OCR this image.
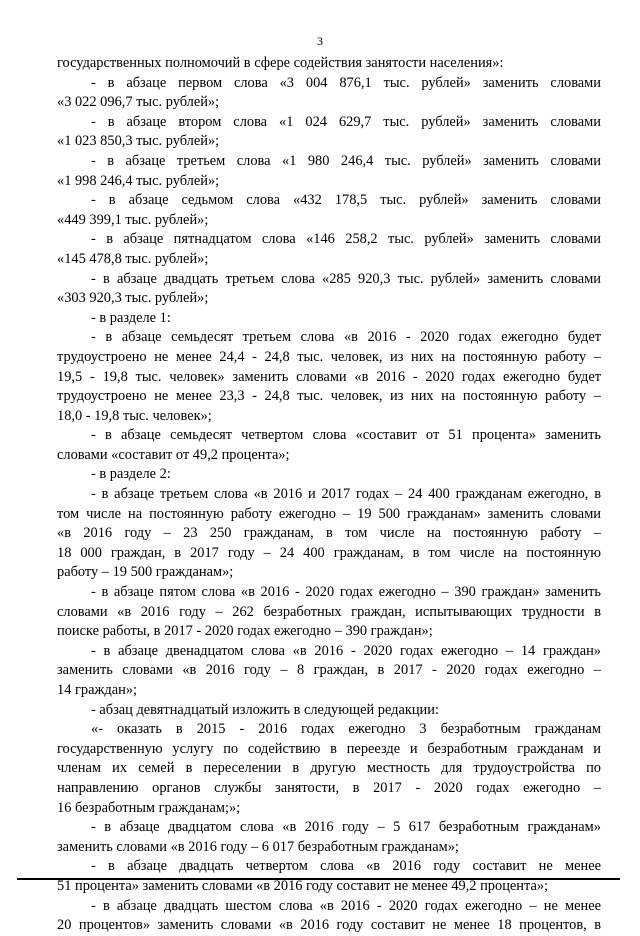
3
государственных полномочий в сфере содействия занятости населения»:
- в абзаце первом слова «3 004 876,1 тыс. рублей» заменить словами
«3 022 096,7 тыс. рублей»;
- в абзаце втором слова «1 024 629,7 тыс. рублей» заменить словами
«1 023 850,3 тыс. рублей»;
- в абзаце третьем слова «1 980 246,4 тыс. рублей» заменить словами
«1 998 246,4 тыс. рублей»;
- в абзаце седьмом слова «432 178,5 тыс. рублей» заменить словами
«449 399,1 тыс. рублей»;
- в абзаце пятнадцатом слова «146 258,2 тыс. рублей» заменить словами
«145 478,8 тыс. рублей»;
- в абзаце двадцать третьем слова «285 920,3 тыс. рублей» заменить словами
«303 920,3 тыс. рублей»;
- в разделе 1:
- в абзаце семьдесят третьем слова «в 2016 - 2020 годах ежегодно будет
трудоустроено не менее 24,4 - 24,8 тыс. человек, из них на постоянную работу –
19,5 - 19,8 тыс. человек» заменить словами «в 2016 - 2020 годах ежегодно будет
трудоустроено не менее 23,3 - 24,8 тыс. человек, из них на постоянную работу –
18,0 - 19,8 тыс. человек»;
- в абзаце семьдесят четвертом слова «составит от 51 процента» заменить
словами «составит от 49,2 процента»;
- в разделе 2:
- в абзаце третьем слова «в 2016 и 2017 годах – 24 400 гражданам ежегодно, в
том числе на постоянную работу ежегодно – 19 500 гражданам» заменить словами
«в 2016 году – 23 250 гражданам, в том числе на постоянную работу –
18 000 граждан, в 2017 году – 24 400 гражданам, в том числе на постоянную
работу – 19 500 гражданам»;
- в абзаце пятом слова «в 2016 - 2020 годах ежегодно – 390 граждан» заменить
словами «в 2016 году – 262 безработных граждан, испытывающих трудности в
поиске работы, в 2017 - 2020 годах ежегодно – 390 граждан»;
- в абзаце двенадцатом слова «в 2016 - 2020 годах ежегодно – 14 граждан»
заменить словами «в 2016 году – 8 граждан, в 2017 - 2020 годах ежегодно –
14 граждан»;
- абзац девятнадцатый изложить в следующей редакции:
«- оказать в 2015 - 2016 годах ежегодно 3 безработным гражданам
государственную услугу по содействию в переезде и безработным гражданам и
членам их семей в переселении в другую местность для трудоустройства по
направлению органов службы занятости, в 2017 - 2020 годах ежегодно –
16 безработным гражданам;»;
- в абзаце двадцатом слова «в 2016 году – 5 617 безработным гражданам»
заменить словами «в 2016 году – 6 017 безработным гражданам»;
- в абзаце двадцать четвертом слова «в 2016 году составит не менее
51 процента» заменить словами «в 2016 году составит не менее 49,2 процента»;
- в абзаце двадцать шестом слова «в 2016 - 2020 годах ежегодно – не менее
20 процентов» заменить словами «в 2016 году составит не менее 18 процентов, в
